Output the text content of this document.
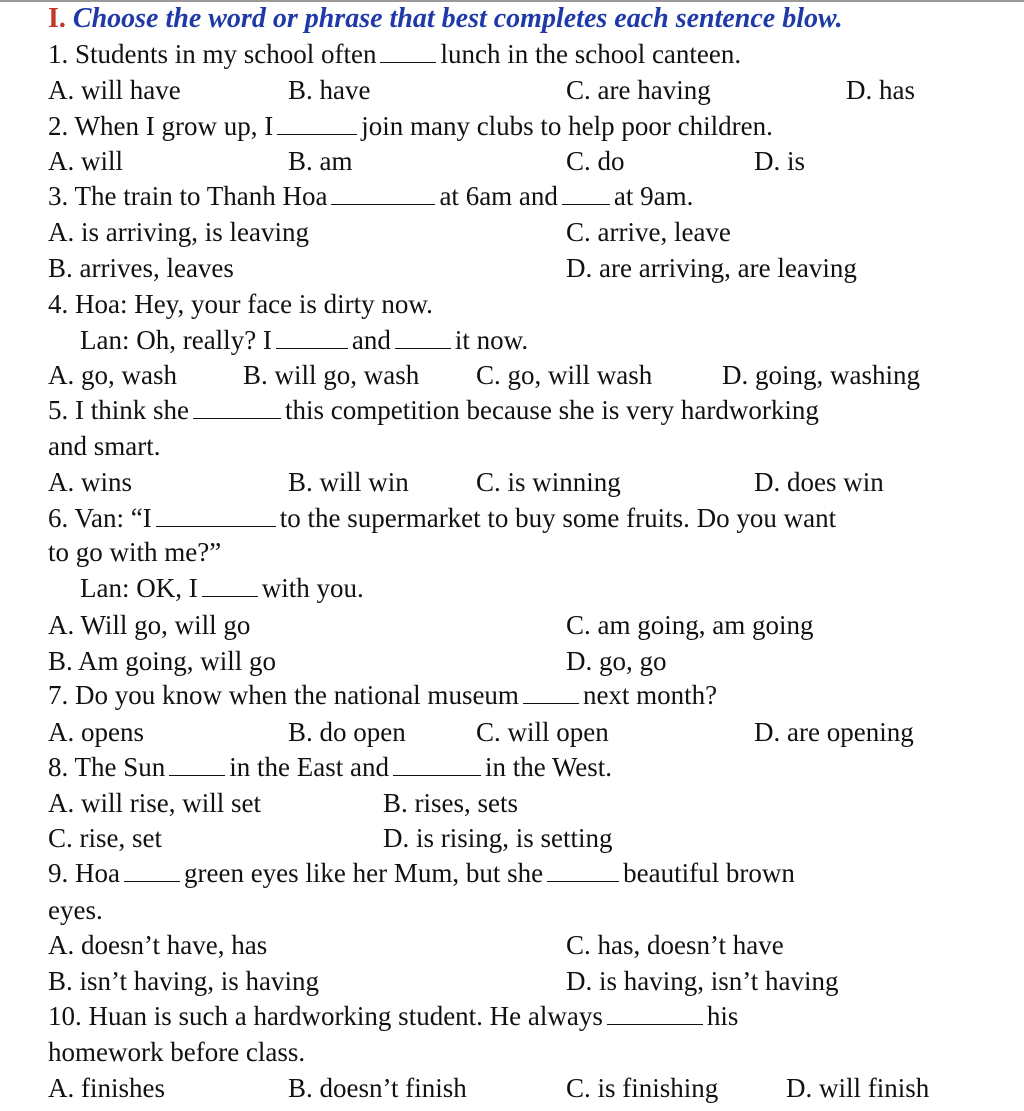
I. Choose the word or phrase that best completes each sentence blow.
1. Students in my school often lunch in the school canteen.
A. will have	B. have	C. are having	D. has
2. When I grow up, I	join many clubs to help poor children.
A. will	B. am	C. do	D. is
3. The train to Thanh Hoa	at 6am and at 9am.
A. is arriving, is leaving	C. arrive, leave
B. arrives, leaves	D. are arriving, are leaving
4. Hoa: Hey, your face is dirty now.
Lan: Oh, really? I	and it now.
A. go, wash B. will go, wash C. go, will wash	D. going, washing
5. I think she	this competition because she is very hardworking
and smart.
A. wins	B. will win C. is winning	D. does win
6. Van: “I	to the supermarket to buy some fruits. Do you want
to go with me?”
Lan: OK, I with you.
A. Will go, will go	C. am going, am going
B. Am going, will go	D. go, go
7. Do you know when the national museum next month?
A. opens	B. do open	C. will open	D. are opening
8. The Sun in the East and	in the West.
A. will rise, will set	B. rises, sets
C. rise, set	D. is rising, is setting
9. Hoa green eyes like her Mum, but she	beautiful brown
eyes.
A. doesn’t have, has	C. has, doesn’t have
B. isn’t having, is having	D. is having, isn’t having
10. Huan is such a hardworking student. He always	his
homework before class.
A. finishes	B. doesn’t finish	C. is finishing	D. will finish
